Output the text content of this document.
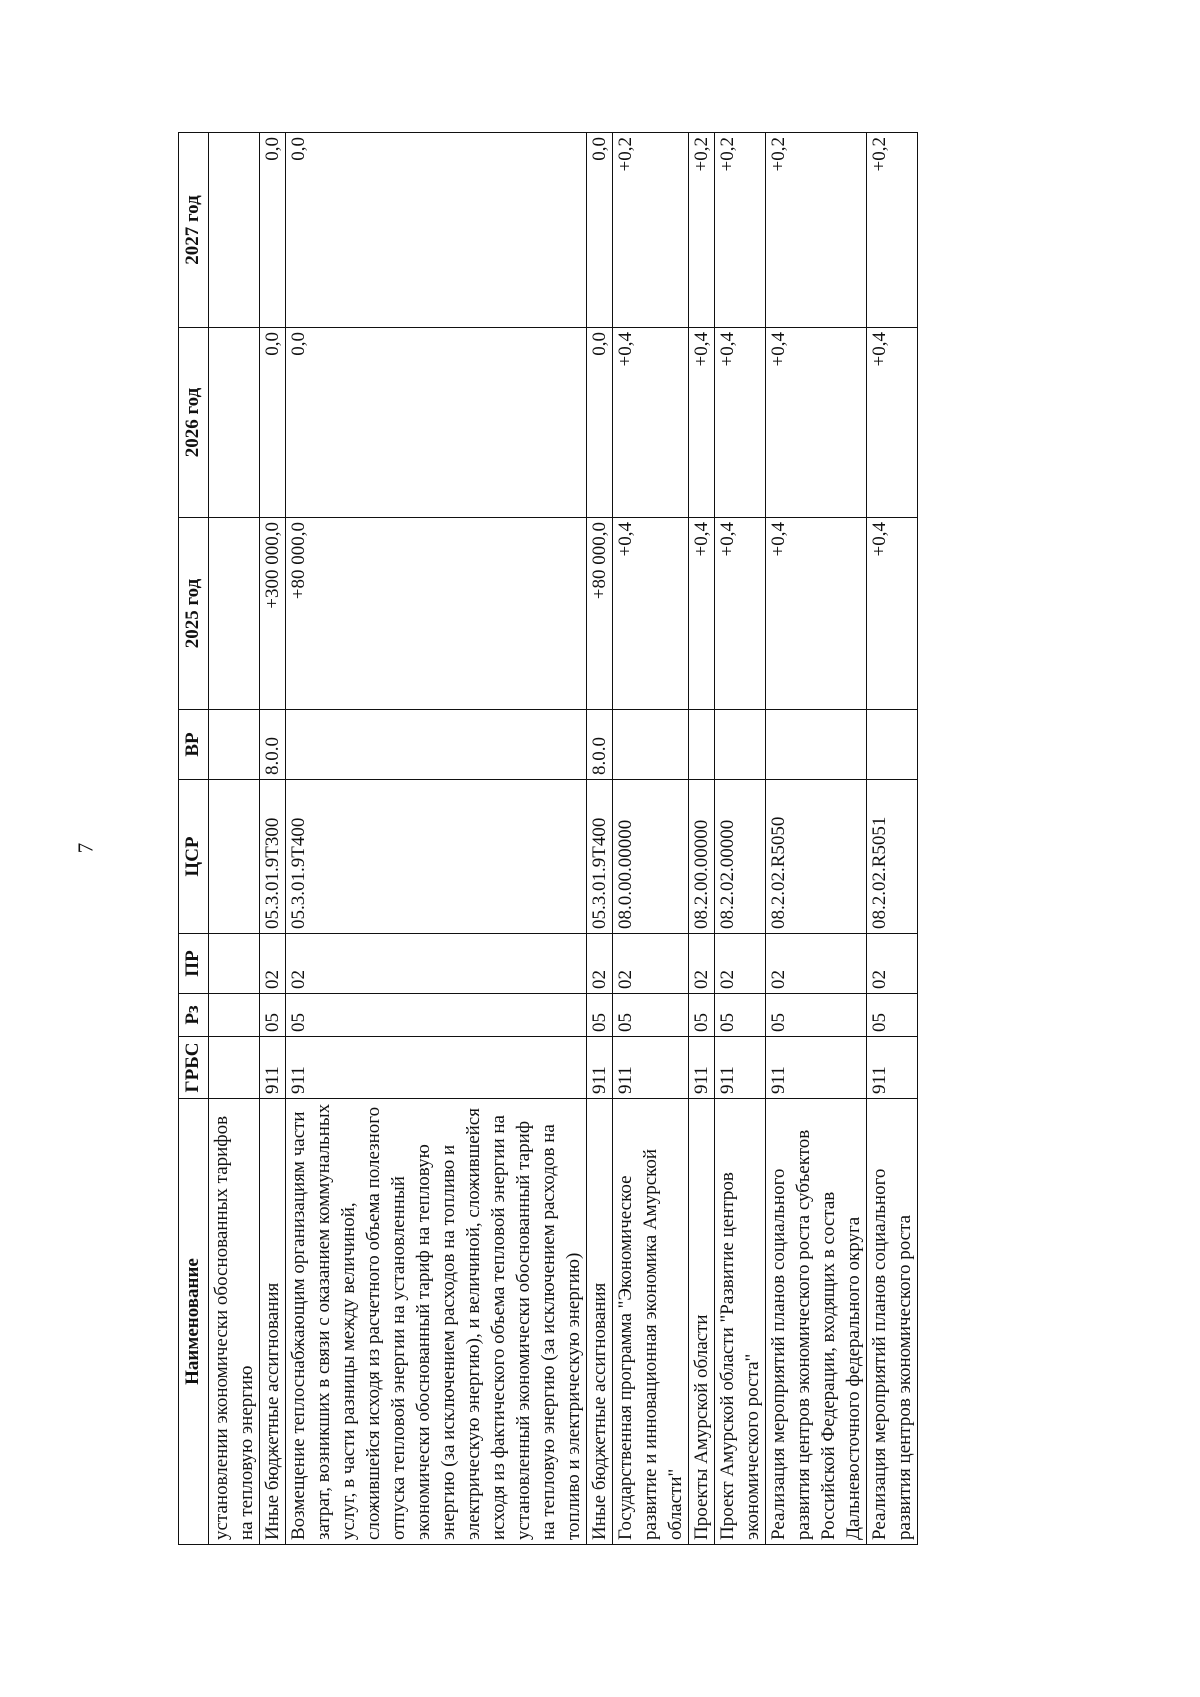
7
Наименование	ГРБС	Рз	ПР	ЦСР	ВР	2025 год	2026 год	2027 год
установлении экономически обоснованных тарифов на тепловую энергию								
Иные бюджетные ассигнования	911	05	02	05.3.01.9Т300	8.0.0	+300 000,0	0,0	0,0
Возмещение теплоснабжающим организациям части затрат, возникших в связи с оказанием коммунальных услуг, в части разницы между величиной, сложившейся исходя из расчетного объема полезного отпуска тепловой энергии на установленный экономически обоснованный тариф на тепловую энергию (за исключением расходов на топливо и электрическую энергию), и величиной, сложившейся исходя из фактического объема тепловой энергии на установленный экономически обоснованный тариф на тепловую энергию (за исключением расходов на топливо и электрическую энергию)	911	05	02	05.3.01.9Т400		+80 000,0	0,0	0,0
Иные бюджетные ассигнования	911	05	02	05.3.01.9Т400	8.0.0	+80 000,0	0,0	0,0
Государственная программа "Экономическое развитие и инновационная экономика Амурской области"	911	05	02	08.0.00.00000		+0,4	+0,4	+0,2
Проекты Амурской области	911	05	02	08.2.00.00000		+0,4	+0,4	+0,2
Проект Амурской области "Развитие центров экономического роста"	911	05	02	08.2.02.00000		+0,4	+0,4	+0,2
Реализация мероприятий планов социального развития центров экономического роста субъектов Российской Федерации, входящих в состав Дальневосточного федерального округа	911	05	02	08.2.02.R5050		+0,4	+0,4	+0,2
Реализация мероприятий планов социального развития центров экономического роста	911	05	02	08.2.02.R5051		+0,4	+0,4	+0,2
